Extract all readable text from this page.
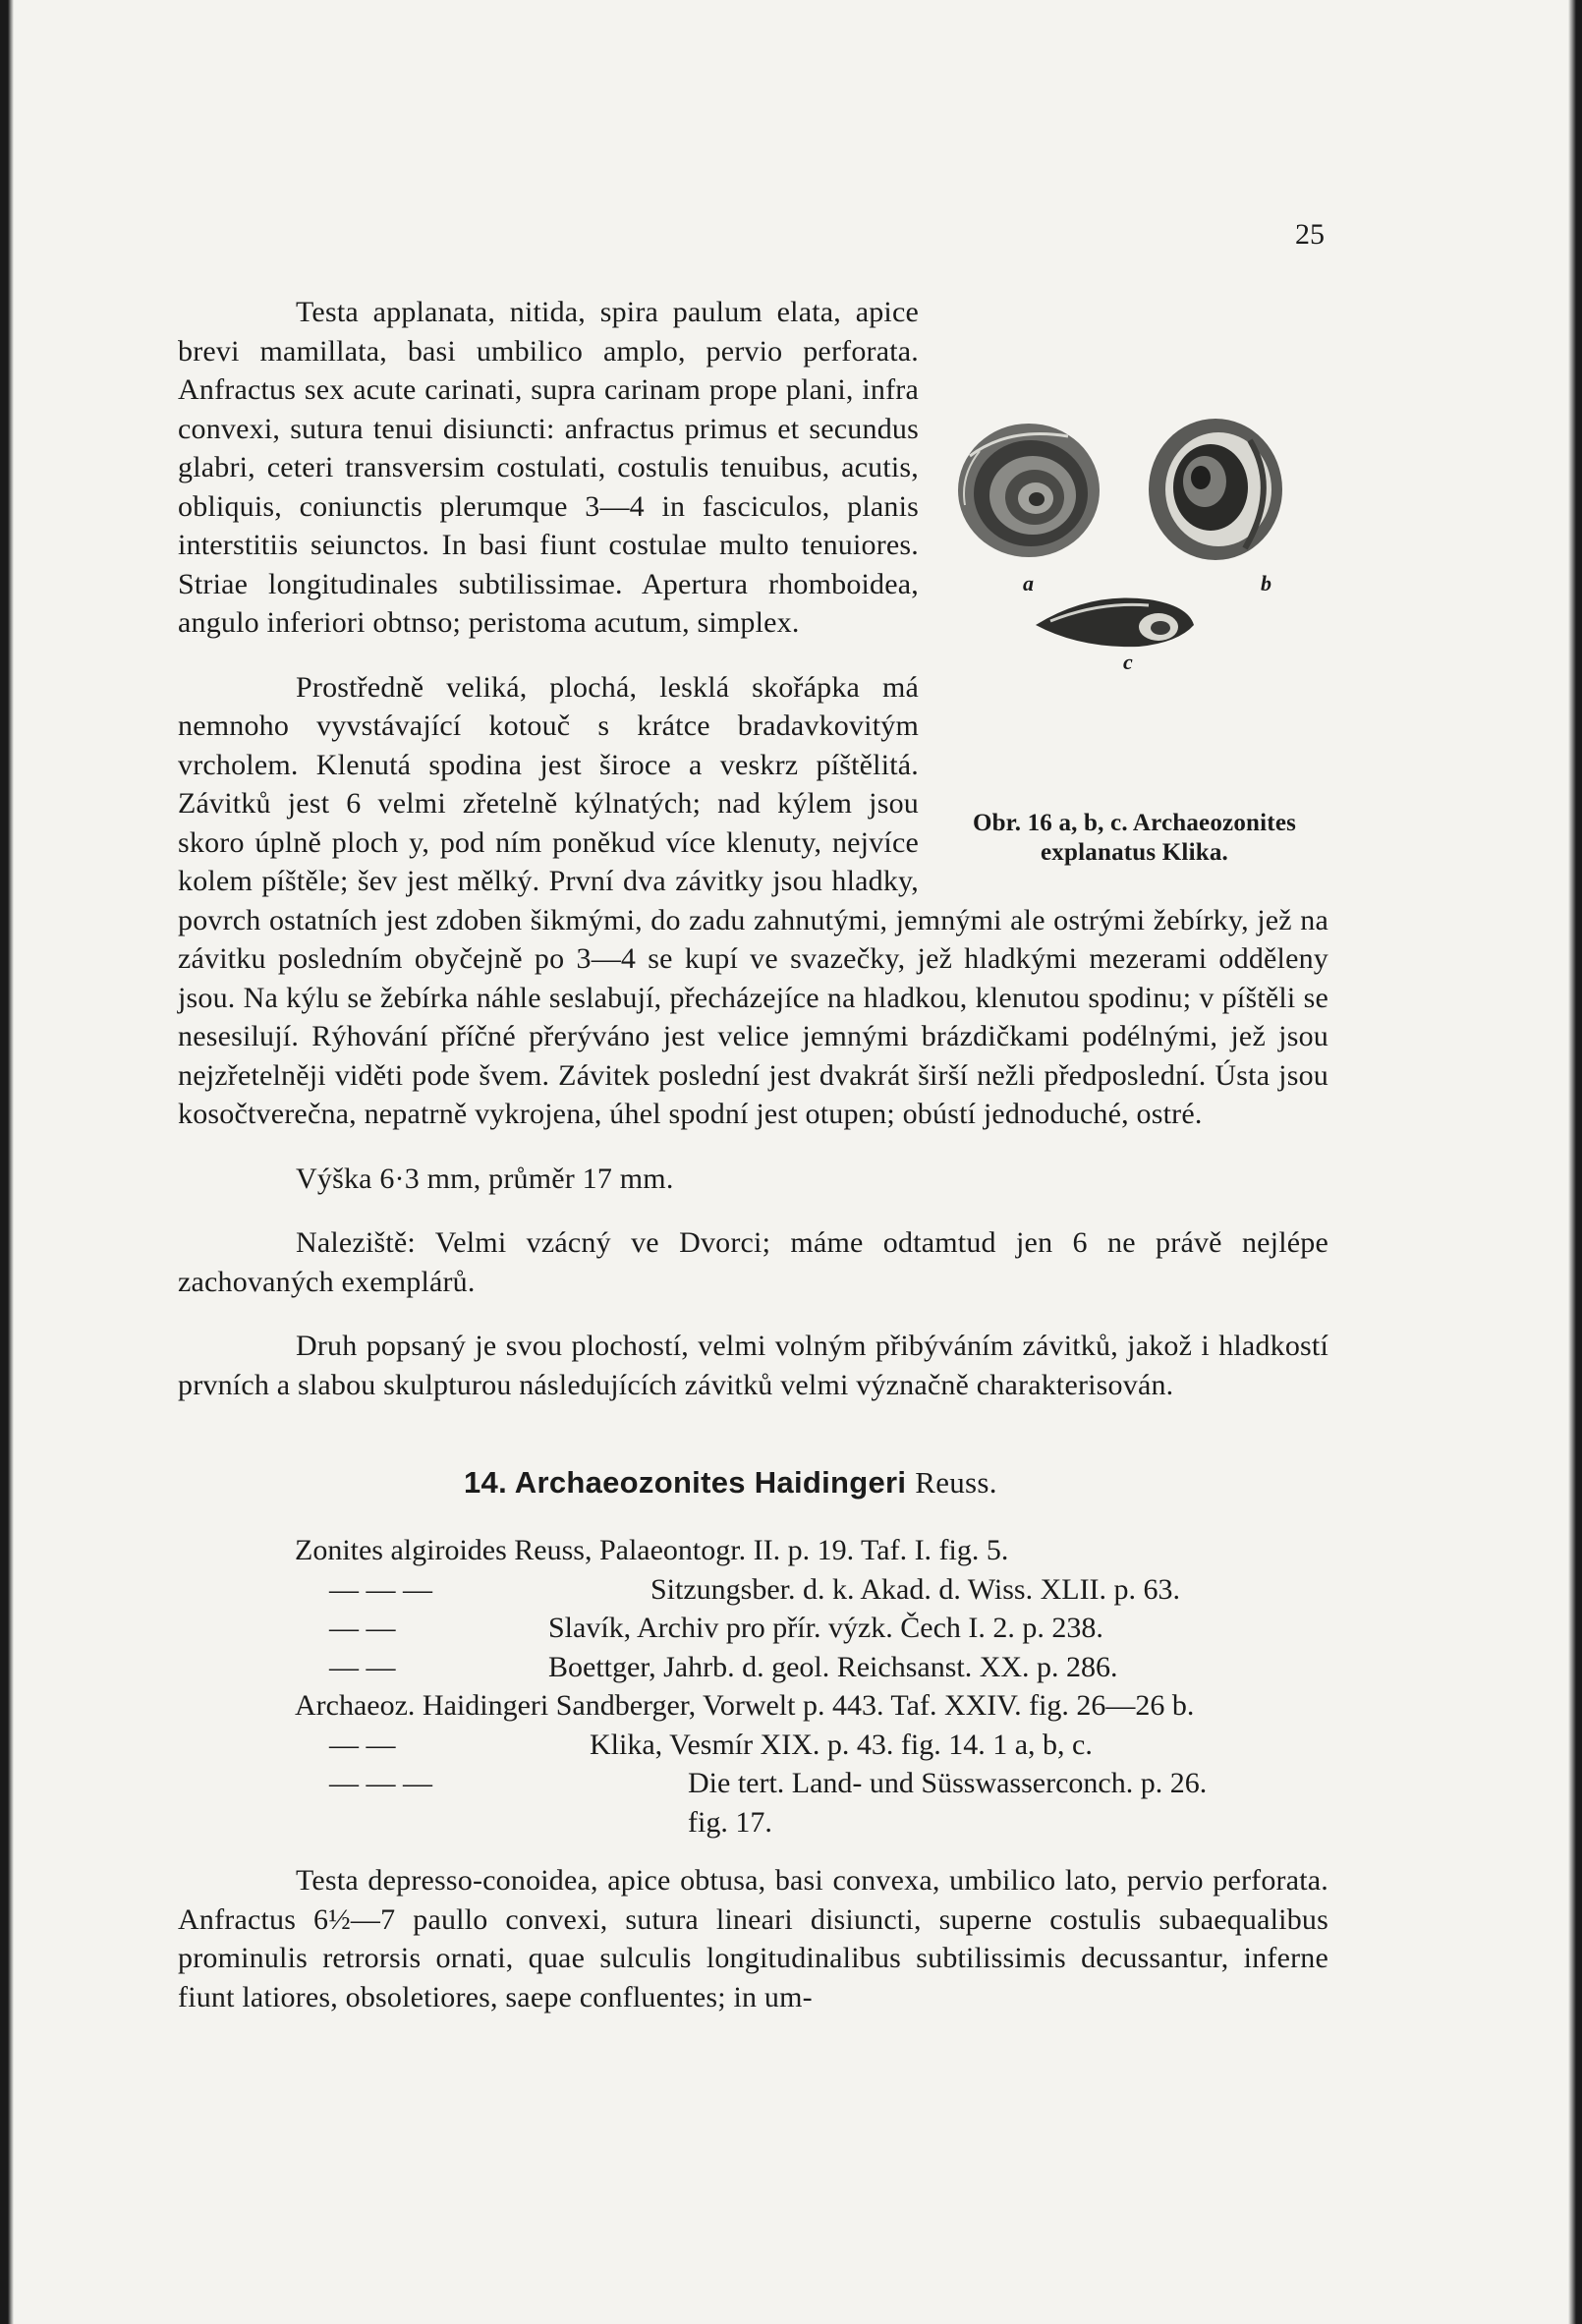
25
a	b
c
Obr. 16 a, b, c. Archaeozonites
explanatus Klika.

Testa applanata, nitida, spira paulum elata, apice brevi mamillata, basi umbilico amplo, pervio perforata. Anfractus sex acute carinati, supra carinam prope plani, infra convexi, sutura tenui disiuncti: anfractus primus et secundus glabri, ceteri transversim costulati, costulis tenuibus, acutis, obliquis, coniunctis plerumque 3—4 in fasciculos, planis interstitiis seiunctos. In basi fiunt costulae multo tenuiores. Striae longitudinales subtilissimae. Apertura rhomboidea, angulo inferiori obtnso; peristoma acutum, simplex.

Prostředně veliká, plochá, lesklá skořápka má nemnoho vyvstávající kotouč s krátce bradavkovitým vrcholem. Klenutá spodina jest široce a veskrz píštělitá. Závitků jest 6 velmi zřetelně kýlnatých; nad kýlem jsou skoro úplně ploch y, pod ním poněkud více klenuty, nejvíce kolem píštěle; šev jest mělký. První dva závitky jsou hladky, povrch ostatních jest zdoben šikmými, do zadu zahnutými, jemnými ale ostrými žebírky, jež na závitku posledním obyčejně po 3—4 se kupí ve svazečky, jež hladkými mezerami odděleny jsou. Na kýlu se žebírka náhle seslabují, přecházejíce na hladkou, klenutou spodinu; v píštěli se nesesilují. Rýhování příčné přerýváno jest velice jemnými brázdičkami podélnými, jež jsou nejzřetelněji viděti pode švem. Závitek poslední jest dvakrát širší nežli předposlední. Ústa jsou kosočtverečna, nepatrně vykrojena, úhel spodní jest otupen; obústí jednoduché, ostré.

Výška 6·3 mm, průměr 17 mm.

Naleziště: Velmi vzácný ve Dvorci; máme odtamtud jen 6 ne právě nejlépe zachovaných exemplárů.

Druh popsaný je svou plochostí, velmi volným přibýváním závitků, jakož i hladkostí prvních a slabou skulpturou následujících závitků velmi význačně charakterisován.

14. Archaeozonites Haidingeri Reuss.
Zonites algiroides Reuss, Palaeontogr. II. p. 19. Taf. I. fig. 5.
— — —	Sitzungsber. d. k. Akad. d. Wiss. XLII. p. 63.
— —	Slavík, Archiv pro přír. výzk. Čech I. 2. p. 238.
— —	Boettger, Jahrb. d. geol. Reichsanst. XX. p. 286.
Archaeoz. Haidingeri Sandberger, Vorwelt p. 443. Taf. XXIV. fig. 26—26 b.
— —	Klika, Vesmír XIX. p. 43. fig. 14. 1 a, b, c.
— — —	Die tert. Land- und Süsswasserconch. p. 26.
fig. 17.

Testa depresso-conoidea, apice obtusa, basi convexa, umbilico lato, pervio perforata. Anfractus 6½—7 paullo convexi, sutura lineari disiuncti, superne costulis subaequalibus prominulis retrorsis ornati, quae sulculis longitudinalibus subtilissimis decussantur, inferne fiunt latiores, obsoletiores, saepe confluentes; in um-
